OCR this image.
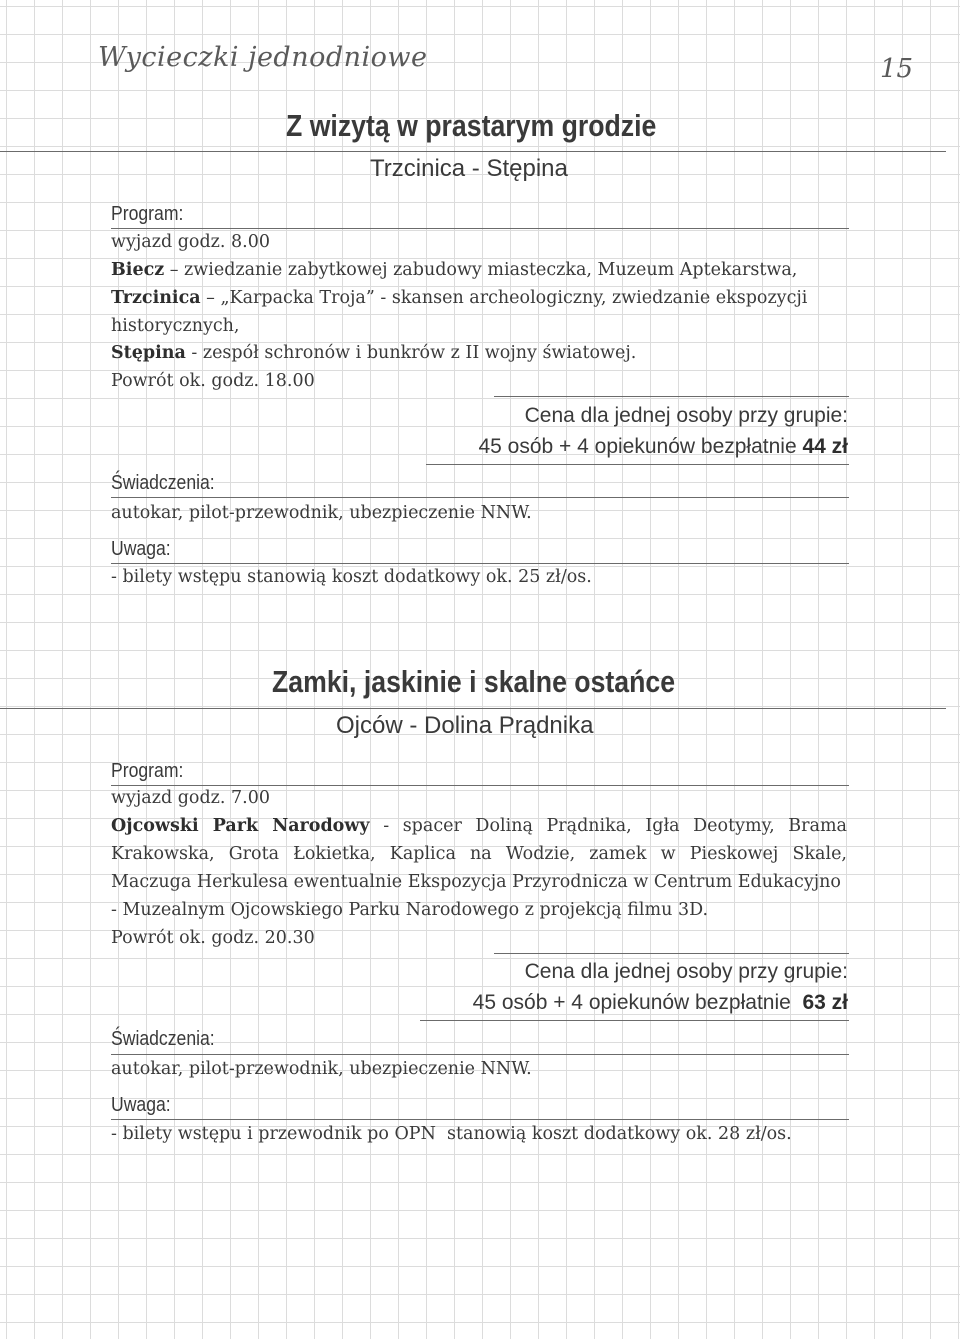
Wycieczki jednodniowe	15
Z wizytą w prastarym grodzie
Trzcinica - Stępina
Program:
wyjazd godz. 8.00
Biecz – zwiedzanie zabytkowej zabudowy miasteczka, Muzeum Aptekarstwa,
Trzcinica – „Karpacka Troja” - skansen archeologiczny, zwiedzanie ekspozycji
historycznych,
Stępina - zespół schronów i bunkrów z II wojny światowej.
Powrót ok. godz. 18.00
Cena dla jednej osoby przy grupie:
45 osób + 4 opiekunów bezpłatnie 44 zł
Świadczenia:
autokar, pilot-przewodnik, ubezpieczenie NNW.
Uwaga:
- bilety wstępu stanowią koszt dodatkowy ok. 25 zł/os.
Zamki, jaskinie i skalne ostańce
Ojców - Dolina Prądnika
Program:
wyjazd godz. 7.00
Ojcowski Park Narodowy - spacer Doliną Prądnika, Igła Deotymy, Brama
Krakowska, Grota Łokietka, Kaplica na Wodzie, zamek w Pieskowej Skale,
Maczuga Herkulesa ewentualnie Ekspozycja Przyrodnicza w Centrum Edukacyjno
- Muzealnym Ojcowskiego Parku Narodowego z projekcją filmu 3D.
Powrót ok. godz. 20.30
Cena dla jednej osoby przy grupie:
45 osób + 4 opiekunów bezpłatnie  63 zł
Świadczenia:
autokar, pilot-przewodnik, ubezpieczenie NNW.
Uwaga:
- bilety wstępu i przewodnik po OPN  stanowią koszt dodatkowy ok. 28 zł/os.
